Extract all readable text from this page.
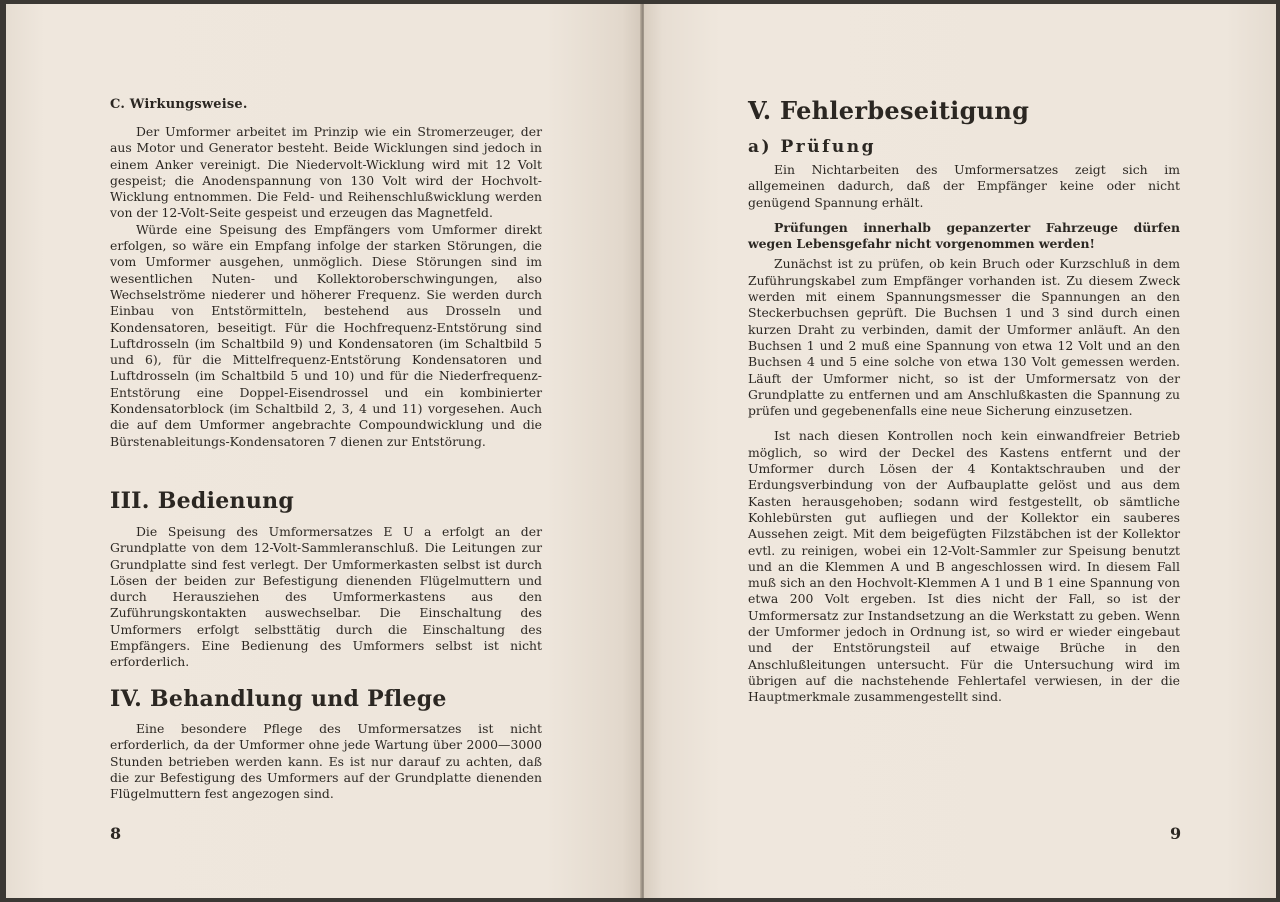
C. Wirkungsweise.

Der Umformer arbeitet im Prinzip wie ein Stromerzeuger, der aus Motor und Generator besteht. Beide Wicklungen sind jedoch in einem Anker vereinigt. Die Niedervolt-Wicklung wird mit 12 Volt gespeist; die Anodenspannung von 130 Volt wird der Hochvolt-Wicklung entnommen. Die Feld- und Reihenschlußwicklung werden von der 12-Volt-Seite gespeist und erzeugen das Magnetfeld.

Würde eine Speisung des Empfängers vom Umformer direkt erfolgen, so wäre ein Empfang infolge der starken Störungen, die vom Umformer ausgehen, unmöglich. Diese Störungen sind im wesentlichen Nuten- und Kollektoroberschwingungen, also Wechselströme niederer und höherer Frequenz. Sie werden durch Einbau von Entstörmitteln, bestehend aus Drosseln und Kondensatoren, beseitigt. Für die Hochfrequenz-Entstörung sind Luftdrosseln (im Schaltbild 9) und Kondensatoren (im Schaltbild 5 und 6), für die Mittelfrequenz-Entstörung Kondensatoren und Luftdrosseln (im Schaltbild 5 und 10) und für die Niederfrequenz-Entstörung eine Doppel-Eisendrossel und ein kombinierter Kondensatorblock (im Schaltbild 2, 3, 4 und 11) vorgesehen. Auch die auf dem Umformer angebrachte Compoundwicklung und die Bürstenableitungs-Kondensatoren 7 dienen zur Entstörung.

III. Bedienung

Die Speisung des Umformersatzes E U a erfolgt an der Grundplatte von dem 12-Volt-Sammleranschluß. Die Leitungen zur Grundplatte sind fest verlegt. Der Umformerkasten selbst ist durch Lösen der beiden zur Befestigung dienenden Flügelmuttern und durch Herausziehen des Umformerkastens aus den Zuführungskontakten auswechselbar. Die Einschaltung des Umformers erfolgt selbsttätig durch die Einschaltung des Empfängers. Eine Bedienung des Umformers selbst ist nicht erforderlich.

IV. Behandlung und Pflege

Eine besondere Pflege des Umformersatzes ist nicht erforderlich, da der Umformer ohne jede Wartung über 2000—3000 Stunden betrieben werden kann. Es ist nur darauf zu achten, daß die zur Befestigung des Umformers auf der Grundplatte dienenden Flügelmuttern fest angezogen sind.

8
V. Fehlerbeseitigung
a) Prüfung

Ein Nichtarbeiten des Umformersatzes zeigt sich im allgemeinen dadurch, daß der Empfänger keine oder nicht genügend Spannung erhält.

Prüfungen innerhalb gepanzerter Fahrzeuge dürfen wegen Lebensgefahr nicht vorgenommen werden!

Zunächst ist zu prüfen, ob kein Bruch oder Kurzschluß in dem Zuführungskabel zum Empfänger vorhanden ist. Zu diesem Zweck werden mit einem Spannungsmesser die Spannungen an den Steckerbuchsen geprüft. Die Buchsen 1 und 3 sind durch einen kurzen Draht zu verbinden, damit der Umformer anläuft. An den Buchsen 1 und 2 muß eine Spannung von etwa 12 Volt und an den Buchsen 4 und 5 eine solche von etwa 130 Volt gemessen werden. Läuft der Umformer nicht, so ist der Umformersatz von der Grundplatte zu entfernen und am Anschlußkasten die Spannung zu prüfen und gegebenenfalls eine neue Sicherung einzusetzen.

Ist nach diesen Kontrollen noch kein einwandfreier Betrieb möglich, so wird der Deckel des Kastens entfernt und der Umformer durch Lösen der 4 Kontaktschrauben und der Erdungsverbindung von der Aufbauplatte gelöst und aus dem Kasten herausgehoben; sodann wird festgestellt, ob sämtliche Kohlebürsten gut aufliegen und der Kollektor ein sauberes Aussehen zeigt. Mit dem beigefügten Filzstäbchen ist der Kollektor evtl. zu reinigen, wobei ein 12-Volt-Sammler zur Speisung benutzt und an die Klemmen A und B angeschlossen wird. In diesem Fall muß sich an den Hochvolt-Klemmen A 1 und B 1 eine Spannung von etwa 200 Volt ergeben. Ist dies nicht der Fall, so ist der Umformersatz zur Instandsetzung an die Werkstatt zu geben. Wenn der Umformer jedoch in Ordnung ist, so wird er wieder eingebaut und der Entstörungsteil auf etwaige Brüche in den Anschlußleitungen untersucht. Für die Untersuchung wird im übrigen auf die nachstehende Fehlertafel verwiesen, in der die Hauptmerkmale zusammengestellt sind.

9
